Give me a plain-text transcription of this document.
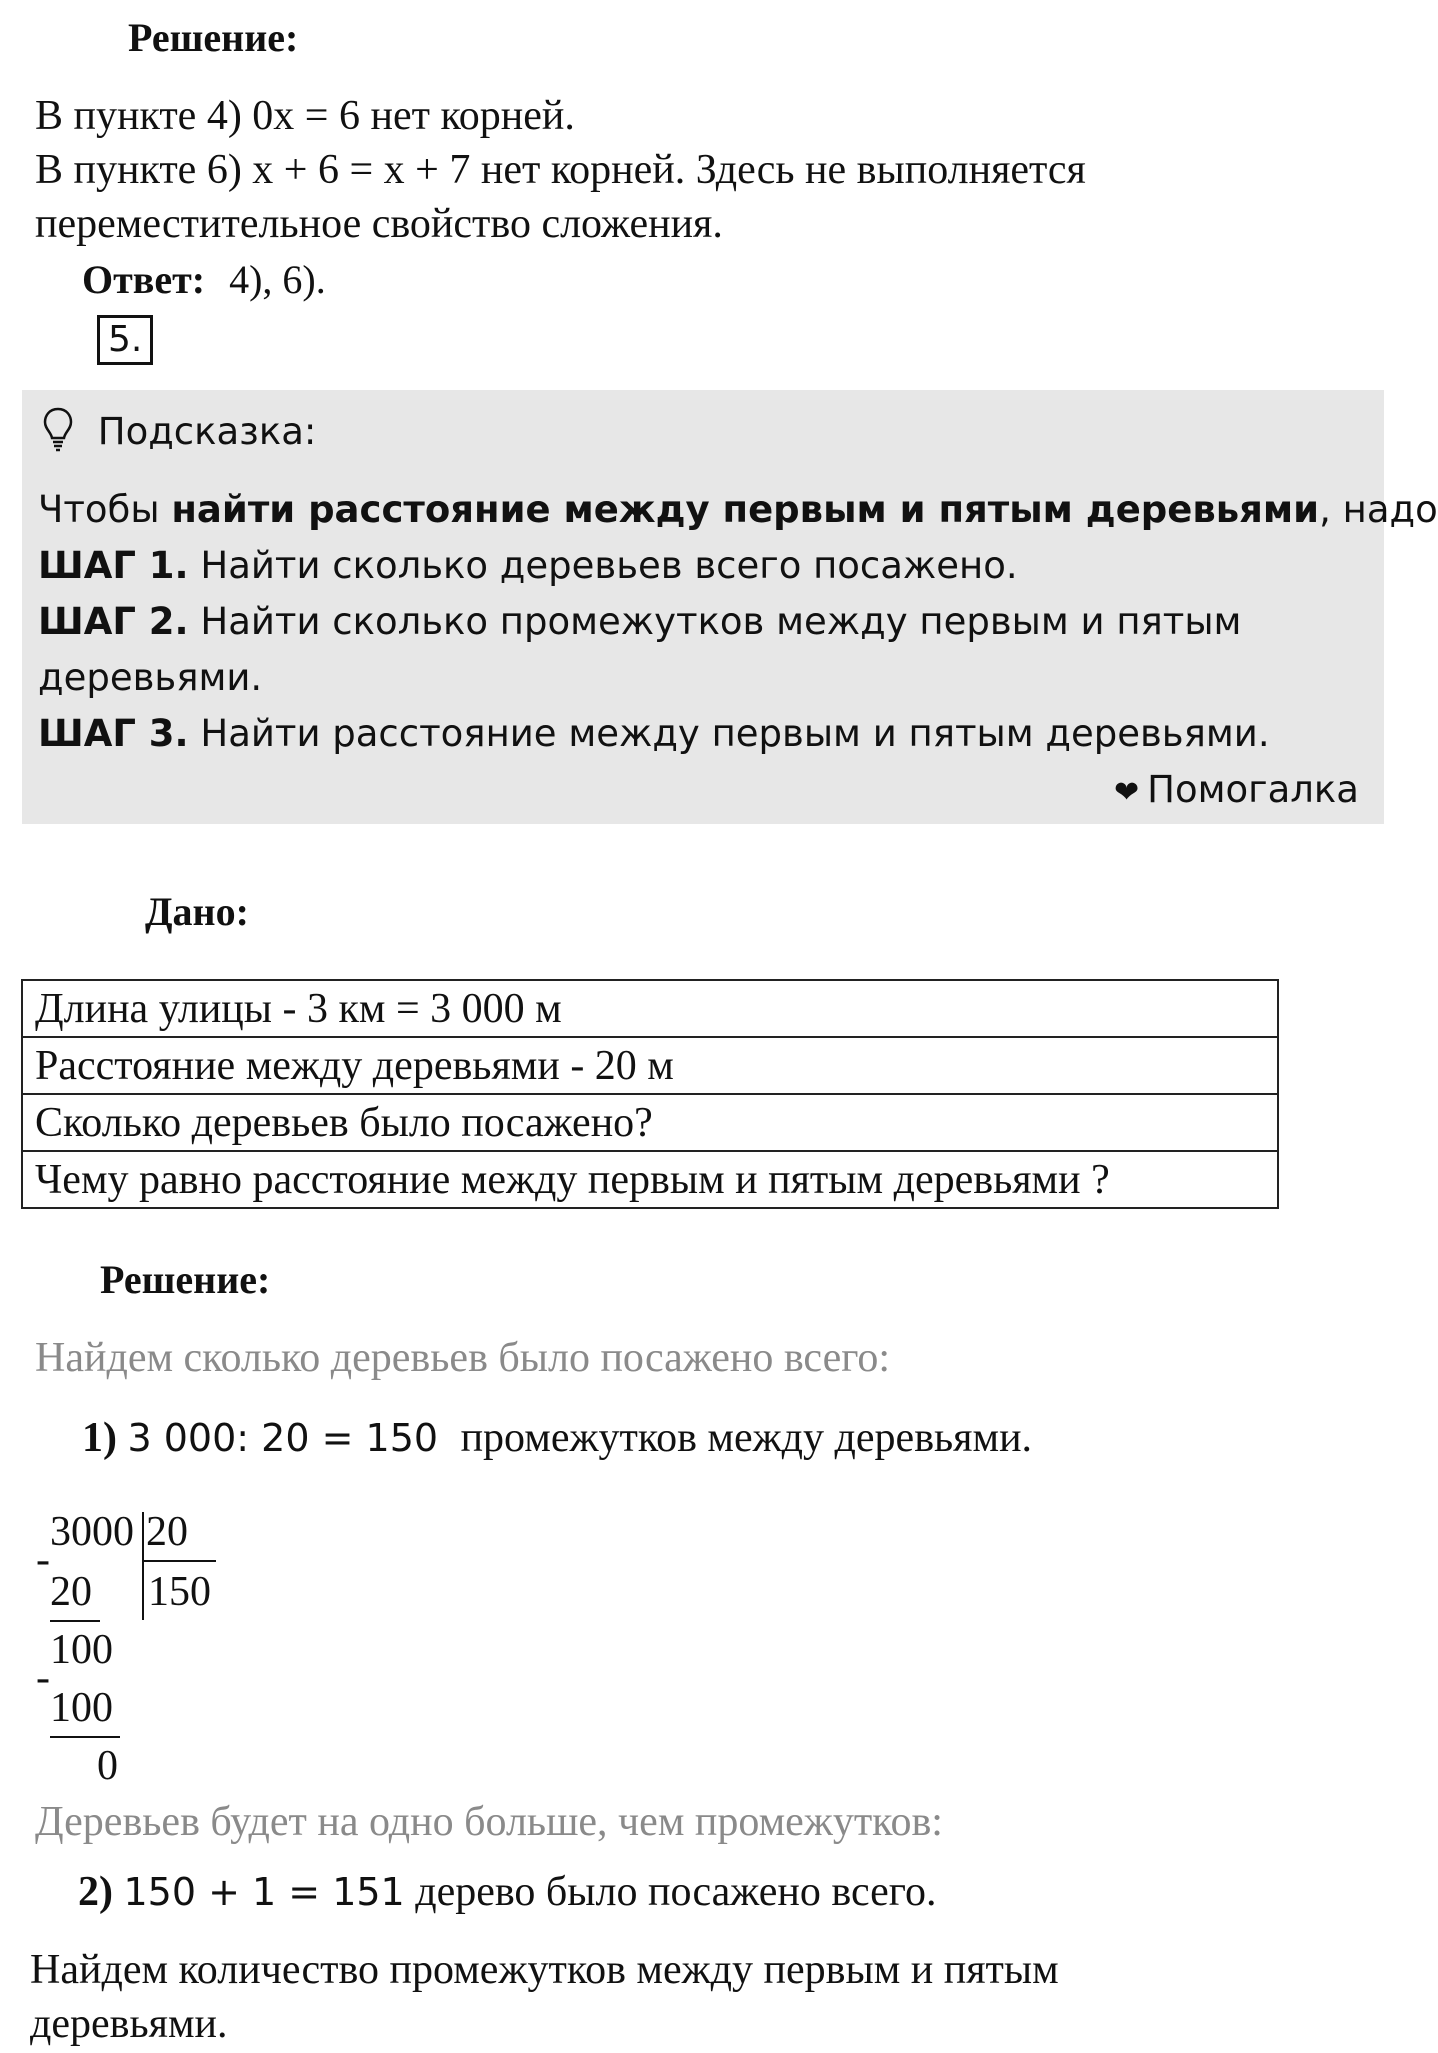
Решение:
В пункте 4) 0x = 6 нет корней.
В пункте 6) x + 6 = x + 7 нет корней. Здесь не выполняется
переместительное свойство сложения.
Ответ: 4), 6).
5.
Подсказка:
Чтобы найти расстояние между первым и пятым деревьями, надо
ШАГ 1. Найти сколько деревьев всего посажено.
ШАГ 2. Найти сколько промежутков между первым и пятым
деревьями.
ШАГ 3. Найти расстояние между первым и пятым деревьями.
❤ Помогалка
Дано:
Длина улицы - 3 км = 3 000 м
Расстояние между деревьями - 20 м
Сколько деревьев было посажено?
Чему равно расстояние между первым и пятым деревьями ?
Решение:
Найдем сколько деревьев было посажено всего:
1) 3 000: 20 = 150 промежутков между деревьями.
3000 20
-
20 150
100
-
100
0
Деревьев будет на одно больше, чем промежутков:
2) 150 + 1 = 151 дерево было посажено всего.
Найдем количество промежутков между первым и пятым
деревьями.
